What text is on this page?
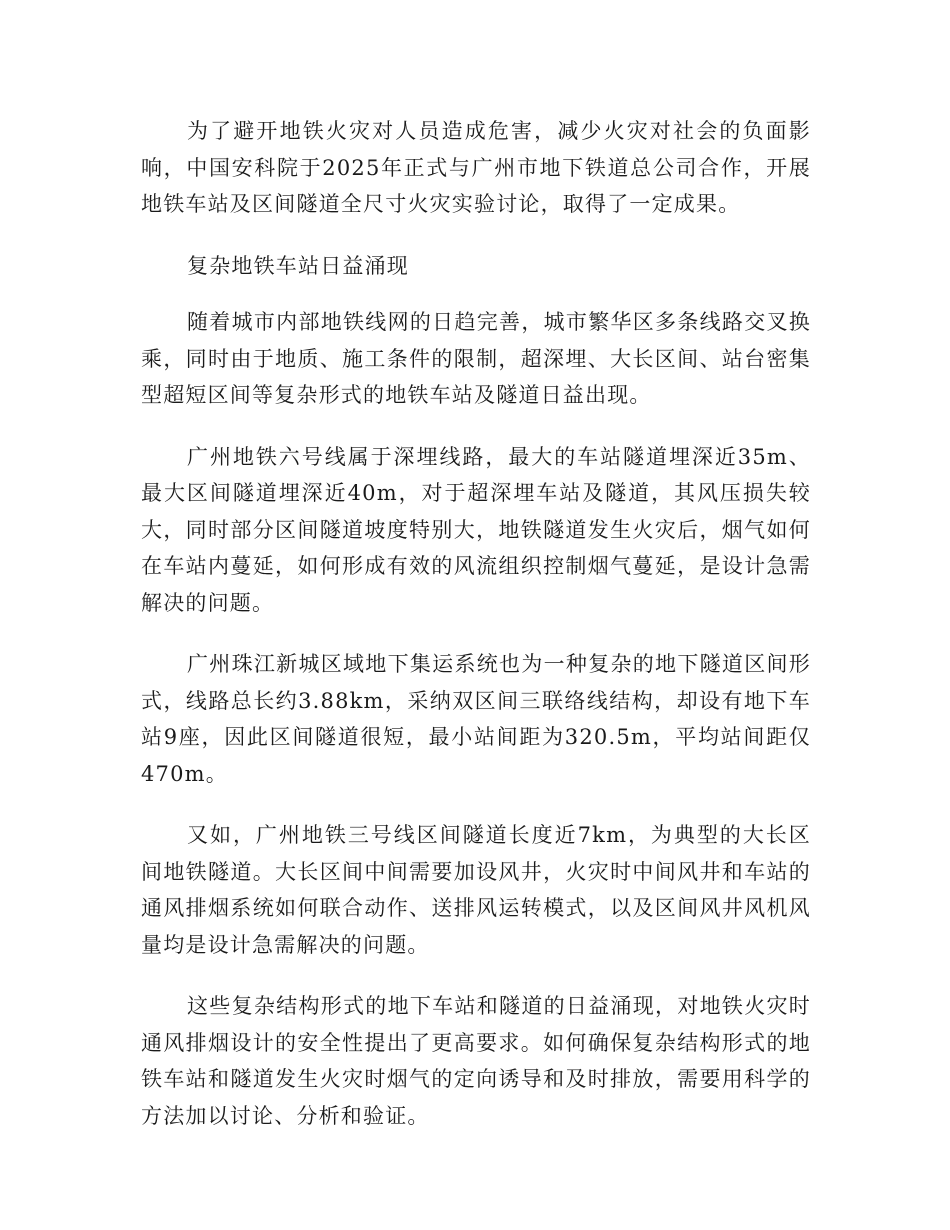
为了避开地铁火灾对人员造成危害，减少火灾对社会的负面影响，中国安科院于2025年正式与广州市地下铁道总公司合作，开展地铁车站及区间隧道全尺寸火灾实验讨论，取得了一定成果。

复杂地铁车站日益涌现

随着城市内部地铁线网的日趋完善，城市繁华区多条线路交叉换乘，同时由于地质、施工条件的限制，超深埋、大长区间、站台密集型超短区间等复杂形式的地铁车站及隧道日益出现。

广州地铁六号线属于深埋线路，最大的车站隧道埋深近35m、最大区间隧道埋深近40m，对于超深埋车站及隧道，其风压损失较大，同时部分区间隧道坡度特别大，地铁隧道发生火灾后，烟气如何在车站内蔓延，如何形成有效的风流组织控制烟气蔓延，是设计急需解决的问题。

广州珠江新城区域地下集运系统也为一种复杂的地下隧道区间形式，线路总长约3.88km，采纳双区间三联络线结构，却设有地下车站9座，因此区间隧道很短，最小站间距为320.5m，平均站间距仅470m。

又如，广州地铁三号线区间隧道长度近7km，为典型的大长区间地铁隧道。大长区间中间需要加设风井，火灾时中间风井和车站的通风排烟系统如何联合动作、送排风运转模式，以及区间风井风机风量均是设计急需解决的问题。

这些复杂结构形式的地下车站和隧道的日益涌现，对地铁火灾时通风排烟设计的安全性提出了更高要求。如何确保复杂结构形式的地铁车站和隧道发生火灾时烟气的定向诱导和及时排放，需要用科学的方法加以讨论、分析和验证。
